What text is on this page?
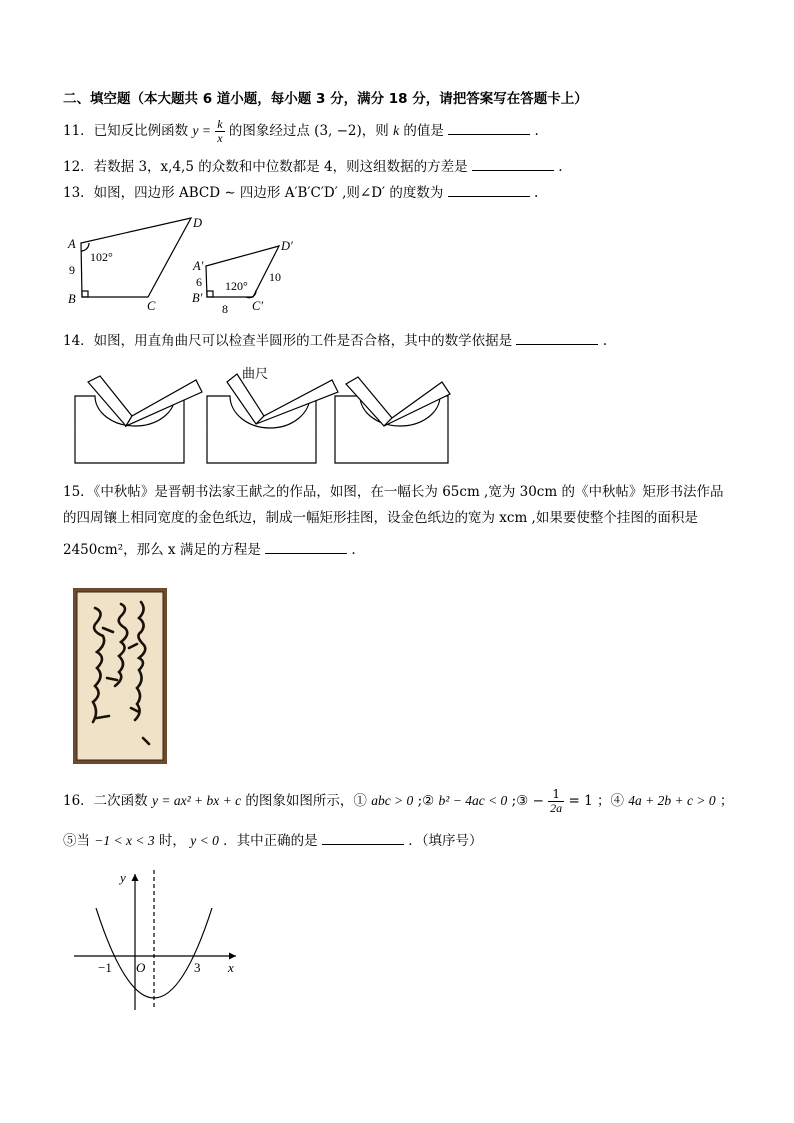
二、填空题（本大题共 6 道小题，每小题 3 分，满分 18 分，请把答案写在答题卡上）
11．已知反比例函数 $y = \frac{k}{x}$ 的图象经过点 (3, −2)，则 k 的值是	.
12．若数据 3，x,4,5 的众数和中位数都是 4，则这组数据的方差是	.
13．如图，四边形 ABCD ∼ 四边形 A′B′C′D′ ,则∠D′ 的度数为	.
A
B	C
D
A′
B′
C′
D′
102°
9
120°
6
8
10
14．如图，用直角曲尺可以检查半圆形的工件是否合格，其中的数学依据是	.
曲尺
15．《中秋帖》是晋朝书法家王献之的作品，如图，在一幅长为 65cm ,宽为 30cm 的《中秋帖》矩形书法作品
的四周镶上相同宽度的金色纸边，制成一幅矩形挂图，设金色纸边的宽为 xcm ,如果要使整个挂图的面积是
2450cm²，那么 x 满足的方程是	.
16．二次函数 y = ax² + bx + c 的图象如图所示，① abc > 0 ;② b² − 4ac < 0 ;③ − $\frac{1}{2a} = 1$ ；④ 4a + 2b + c > 0 ；
⑤当 −1 < x < 3 时， y < 0 ．其中正确的是	．（填序号）
y
x
O
−1	3
